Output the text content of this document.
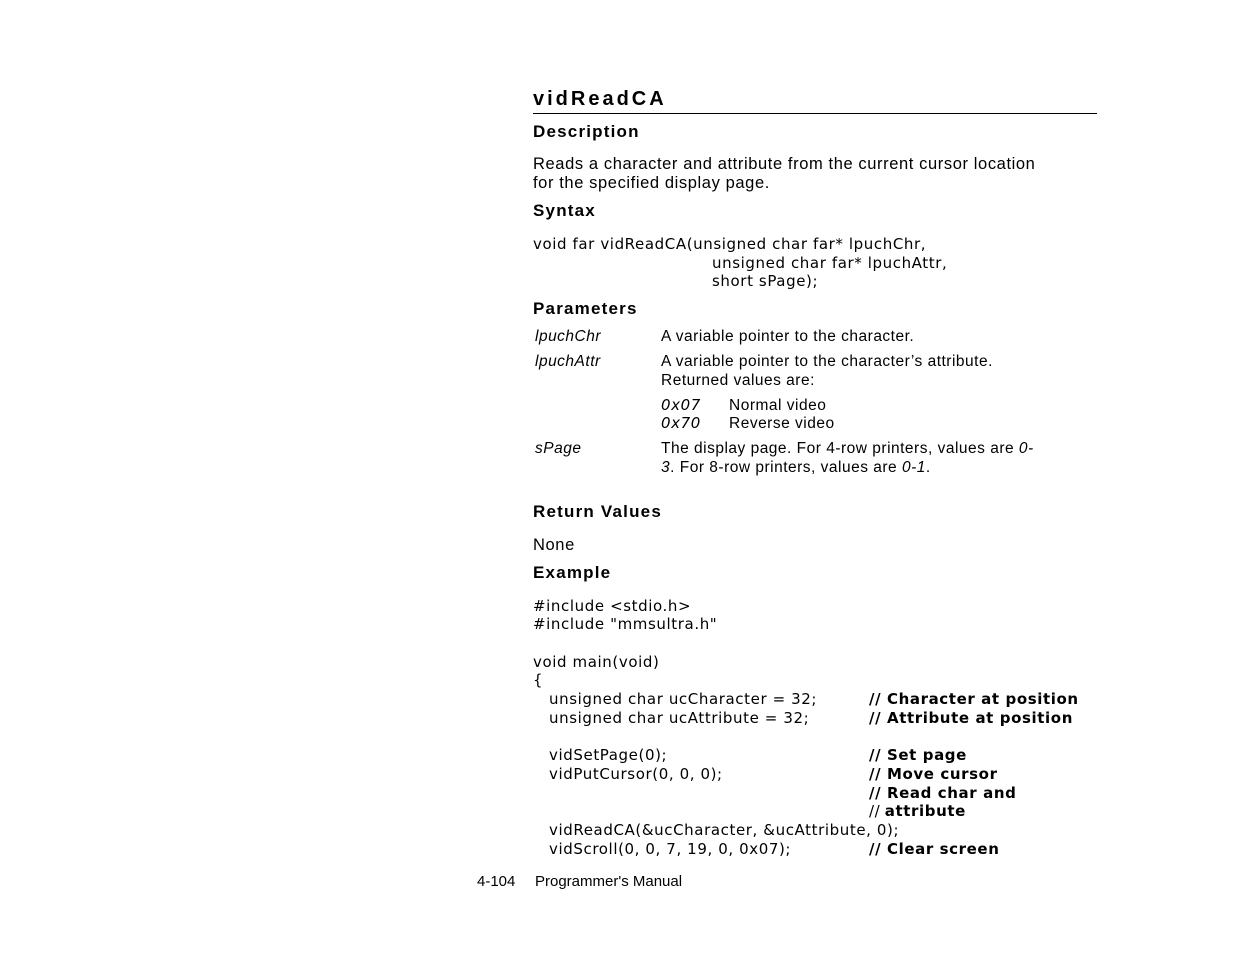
vidReadCA
Description
Reads a character and attribute from the current cursor location
for the specified display page.
Syntax
void far vidReadCA(unsigned char far* lpuchChr,
unsigned char far* lpuchAttr,
short sPage);
Parameters
lpuchChr	A variable pointer to the character.
lpuchAttr	A variable pointer to the character’s attribute.
Returned values are:
0x07 Normal video
0x70 Reverse video
sPage	The display page. For 4-row printers, values are 0-
3. For 8-row printers, values are 0-1.
Return Values
None
Example
#include <stdio.h>
#include "mmsultra.h"
void main(void)
{
unsigned char ucCharacter = 32;	// Character at position
unsigned char ucAttribute = 32;	// Attribute at position
vidSetPage(0);	// Set page
vidPutCursor(0, 0, 0);	// Move cursor
// Read char and
// attribute
vidReadCA(&ucCharacter, &ucAttribute, 0);
vidScroll(0, 0, 7, 19, 0, 0x07);	// Clear screen
4-104 Programmer's Manual
